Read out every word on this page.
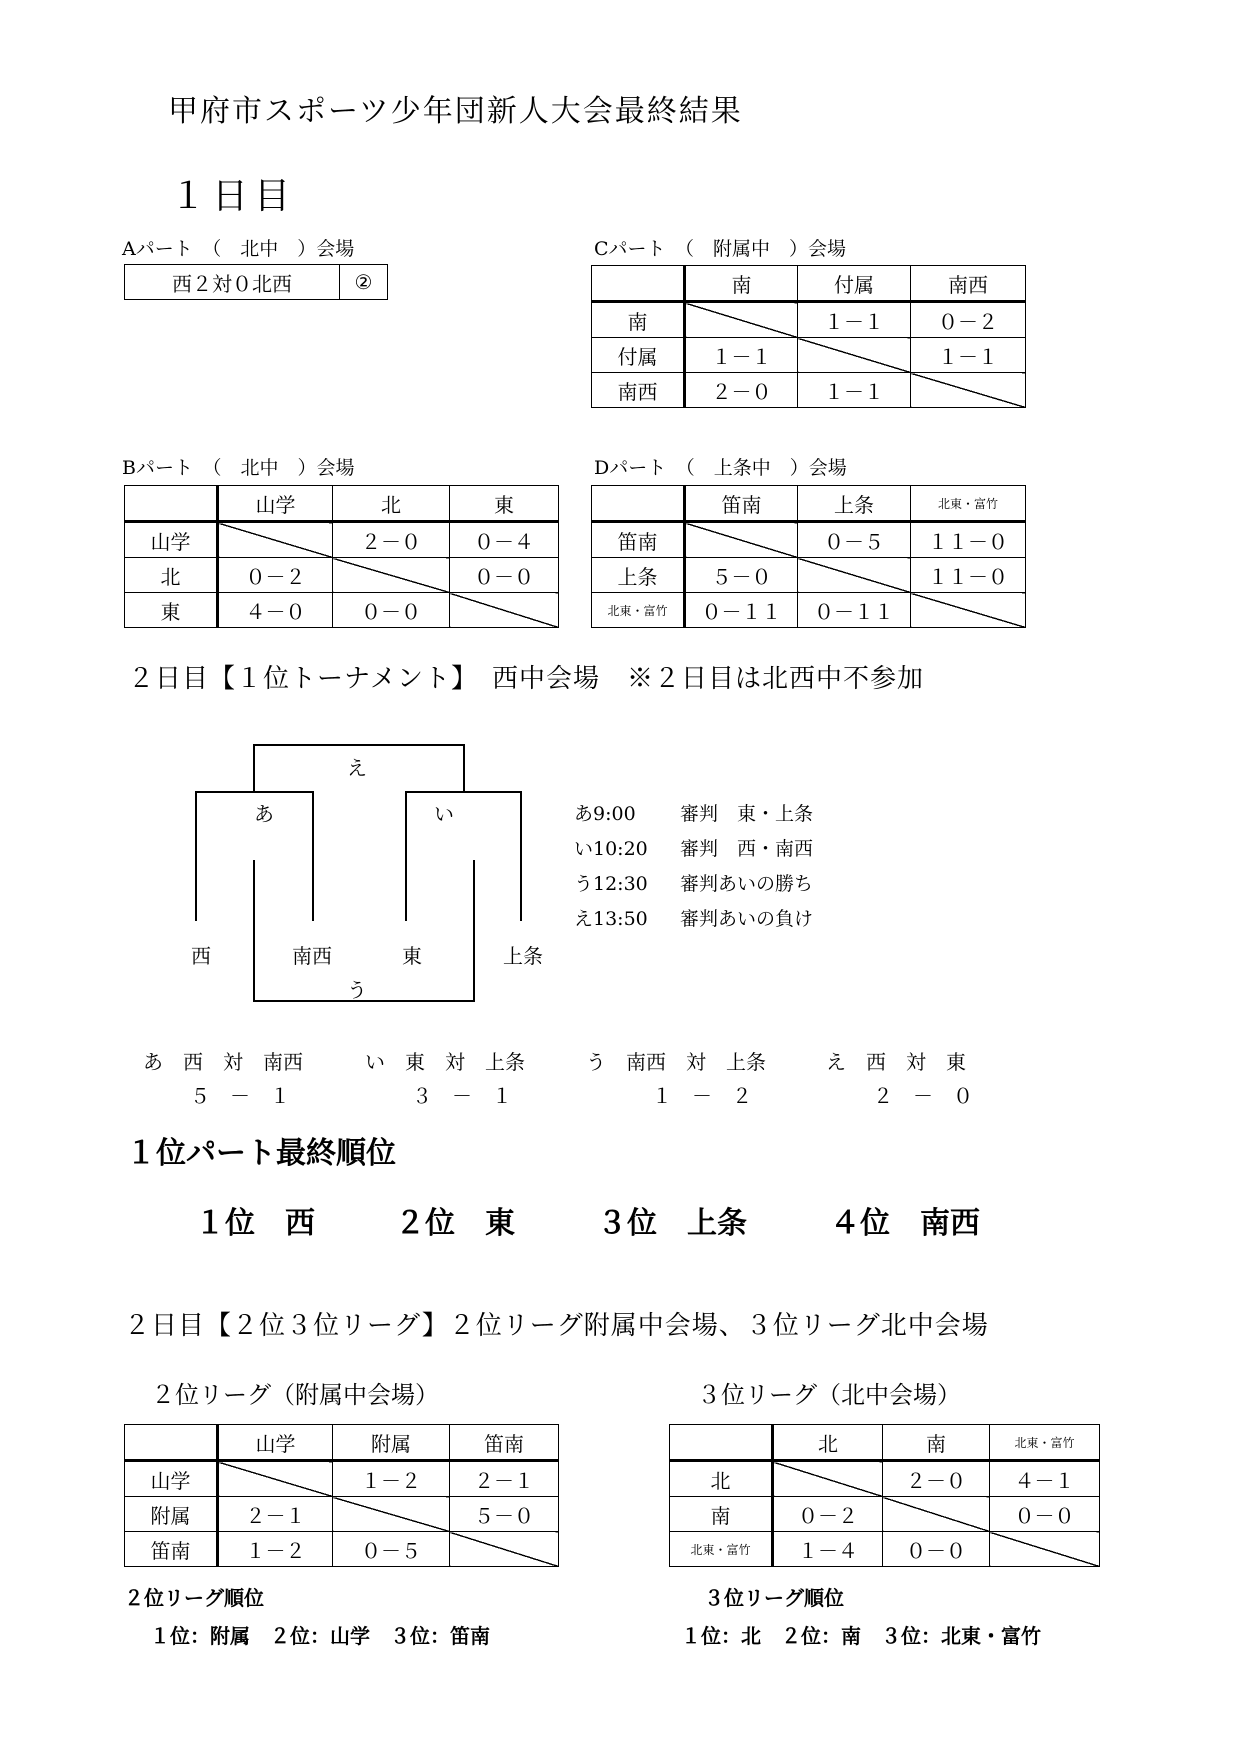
甲府市スポーツ少年団新人大会最終結果
１日目
Aパート　（　北中　）会場
西２対０北西	②
Cパート　（　附属中　）会場
	南	付属	南西
南		１－１	０－２
付属	１－１		１－１
南西	２－０	１－１	
Bパート　（　北中　）会場
	山学	北	東
山学		２－０	０－４
北	０－２		０－０
東	４－０	０－０	
Dパート　（　上条中　）会場
	笛南	上条	北東・富竹
笛南		０－５	１１－０
上条	５－０		１１－０
北東・富竹	０－１１	０－１１	
２日目【１位トーナメント】　西中会場　※２日目は北西中不参加
え
あ	い
う
西	南西	東	上条
あ9:00 審判　東・上条
い10:20 審判　西・南西
う12:30 審判あいの勝ち
え13:50 審判あいの負け
あ　西　対　南西
５　－　１
い　東　対　上条
３　－　１
う　南西　対　上条
１　－　２
え　西　対　東
２　－　０
１位パート最終順位
１位　西	２位　東	３位　上条	４位　南西
２日目【２位３位リーグ】２位リーグ附属中会場、３位リーグ北中会場
２位リーグ（附属中会場）
	山学	附属	笛南
山学		１－２	２－１
附属	２－１		５－０
笛南	１－２	０－５	
２位リーグ順位
１位：附属　２位：山学　３位：笛南
３位リーグ（北中会場）
	北	南	北東・富竹
北		２－０	４－１
南	０－２		０－０
北東・富竹	１－４	０－０	
３位リーグ順位
１位：北　２位：南　３位：北東・富竹
